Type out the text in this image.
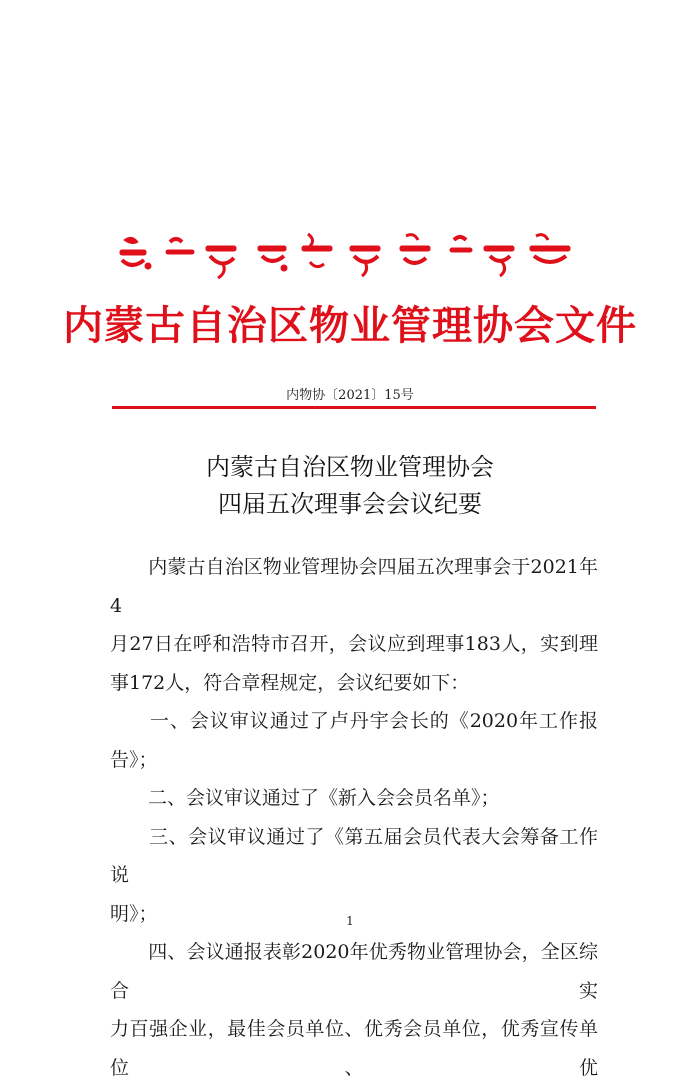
内蒙古自治区物业管理协会文件
内物协〔2021〕15号
内蒙古自治区物业管理协会
四届五次理事会会议纪要

　　内蒙古自治区物业管理协会四届五次理事会于2021年4

月27日在呼和浩特市召开，会议应到理事183人，实到理

事172人，符合章程规定，会议纪要如下：

　　一、会议审议通过了卢丹宇会长的《2020年工作报告》；

　　二、会议审议通过了《新入会会员名单》；

　　三、会议审议通过了《第五届会员代表大会筹备工作说

明》；

　　四、会议通报表彰2020年优秀物业管理协会，全区综合实

力百强企业，最佳会员单位、优秀会员单位，优秀宣传单位、优

1
